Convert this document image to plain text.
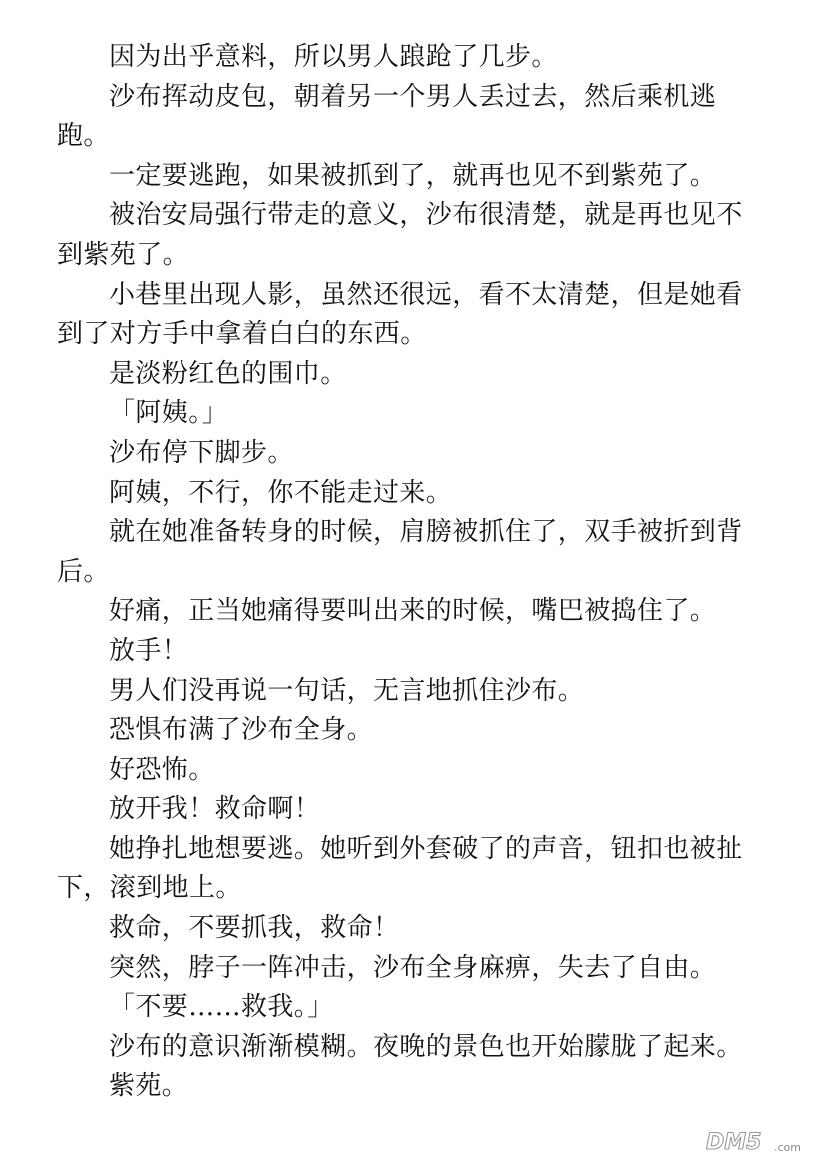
因为出乎意料，所以男人踉跄了几步。

沙布挥动皮包，朝着另一个男人丢过去，然后乘机逃跑。

一定要逃跑，如果被抓到了，就再也见不到紫苑了。

被治安局强行带走的意义，沙布很清楚，就是再也见不到紫苑了。

小巷里出现人影，虽然还很远，看不太清楚，但是她看到了对方手中拿着白白的东西。

是淡粉红色的围巾。

「阿姨。」

沙布停下脚步。

阿姨，不行，你不能走过来。

就在她准备转身的时候，肩膀被抓住了，双手被折到背后。

好痛，正当她痛得要叫出来的时候，嘴巴被捣住了。

放手！

男人们没再说一句话，无言地抓住沙布。

恐惧布满了沙布全身。

好恐怖。

放开我！救命啊！

她挣扎地想要逃。她听到外套破了的声音，钮扣也被扯下，滚到地上。

救命，不要抓我，救命！

突然，脖子一阵冲击，沙布全身麻痹，失去了自由。

「不要……救我。」

沙布的意识渐渐模糊。夜晚的景色也开始朦胧了起来。

紫苑。

DM5 .com
